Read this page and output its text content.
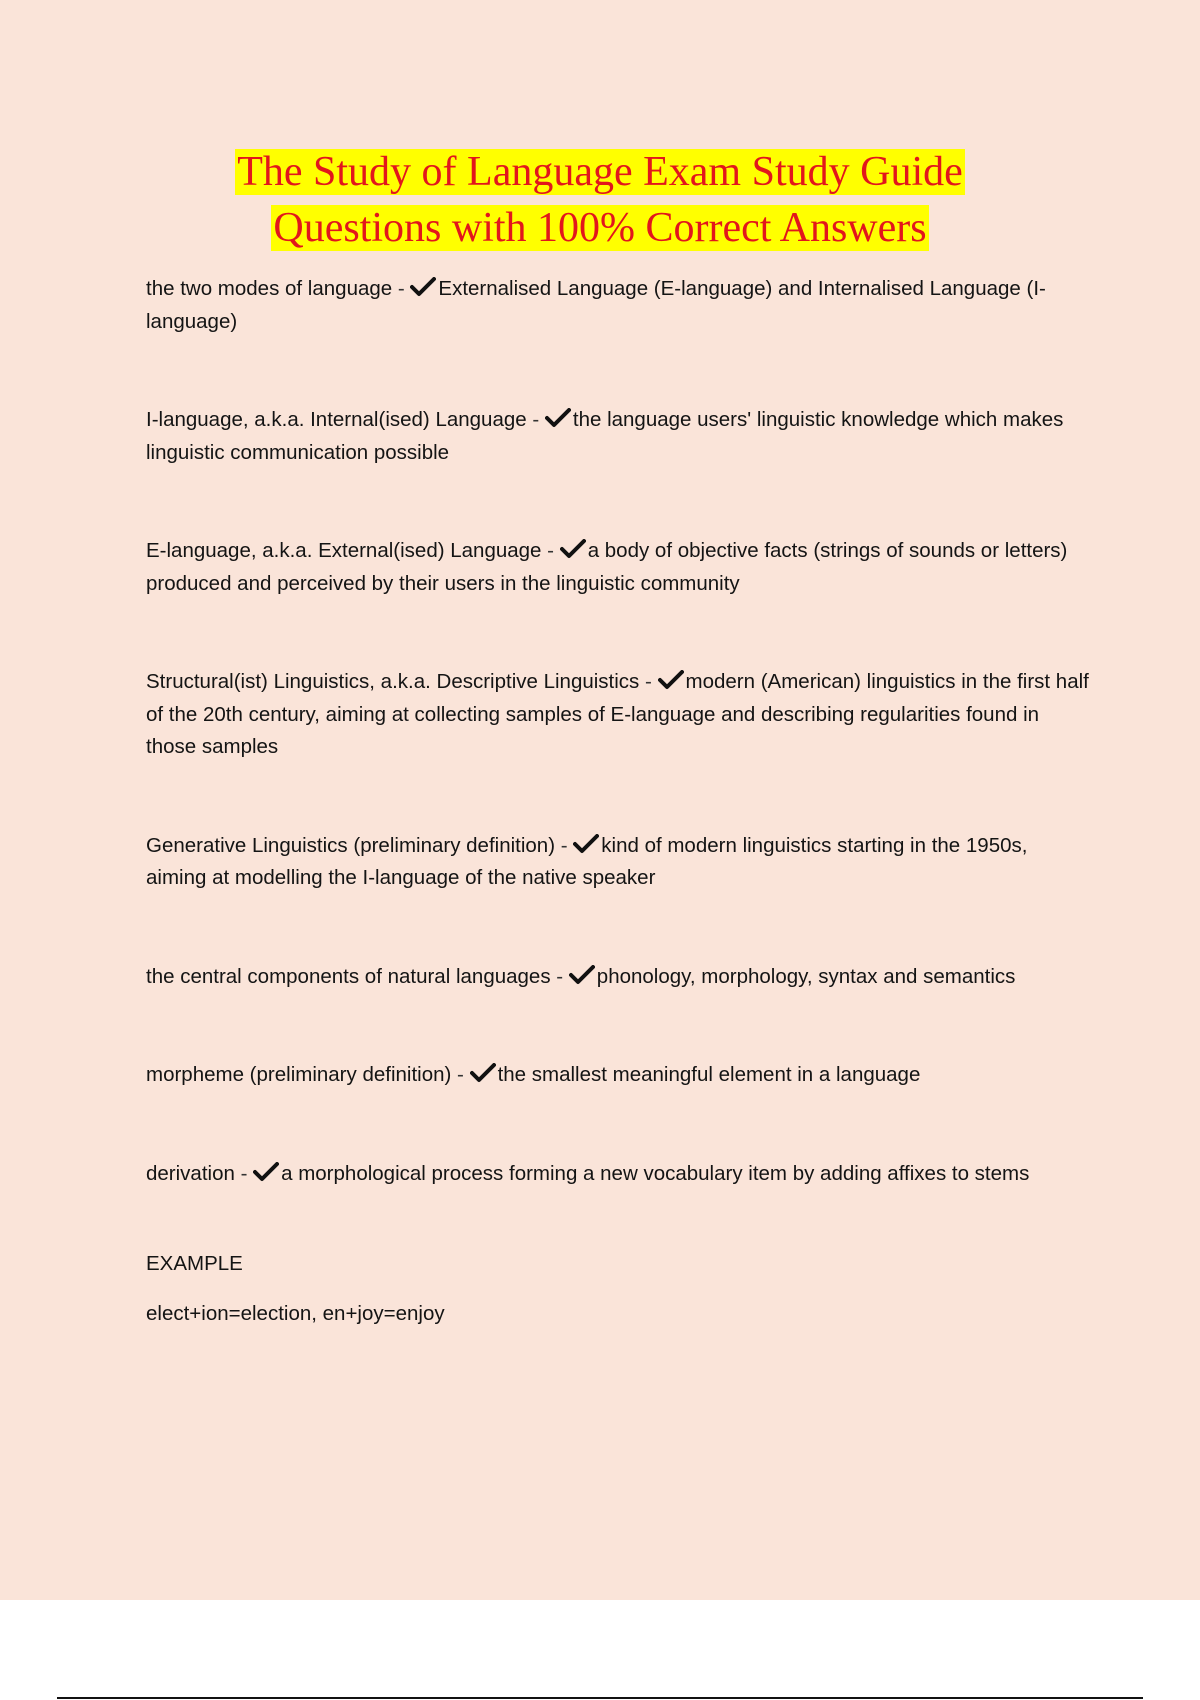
The Study of Language Exam Study Guide
Questions with 100% Correct Answers

the two modes of language -
Externalised Language (E-language) and Internalised Language (I-language)

I-language, a.k.a. Internal(ised) Language -
the language users' linguistic knowledge which makes linguistic communication possible

E-language, a.k.a. External(ised) Language -
a body of objective facts (strings of sounds or letters) produced and perceived by their users in the linguistic community

Structural(ist) Linguistics, a.k.a. Descriptive Linguistics -
modern (American) linguistics in the first half of the 20th century, aiming at collecting samples of E-language and describing regularities found in those samples

Generative Linguistics (preliminary definition) -
kind of modern linguistics starting in the 1950s, aiming at modelling the I-language of the native speaker

the central components of natural languages -
phonology, morphology, syntax and semantics

morpheme (preliminary definition) -
the smallest meaningful element in a language

derivation -
a morphological process forming a new vocabulary item by adding affixes to stems

EXAMPLE

elect+ion=election, en+joy=enjoy
